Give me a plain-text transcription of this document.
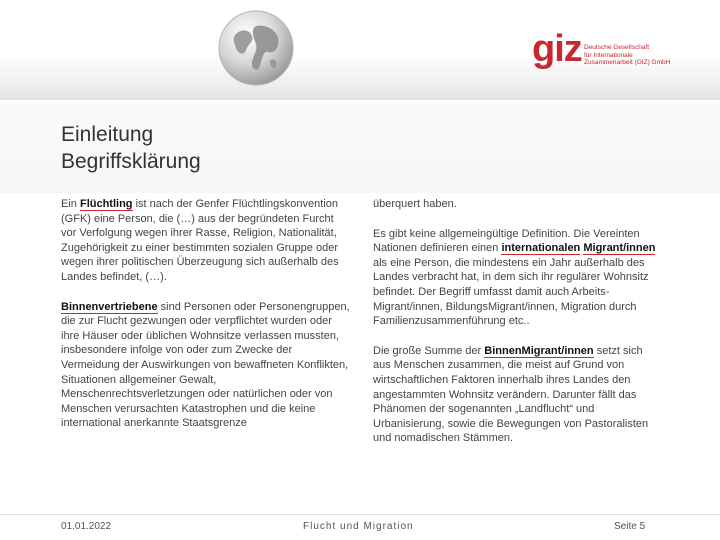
giz Deutsche Gesellschaft
für Internationale
Zusammenarbeit (GIZ) GmbH
Einleitung
Begriffsklärung

Ein Flüchtling ist nach der Genfer Flüchtlingskonvention (GFK) eine Person, die (…) aus der begründeten Furcht vor Verfolgung wegen ihrer Rasse, Religion, Nationalität, Zugehörigkeit zu einer bestimmten sozialen Gruppe oder wegen ihrer politischen Überzeugung sich außerhalb des Landes befindet, (…).

Binnenvertriebene sind Personen oder Personengruppen, die zur Flucht gezwungen oder verpflichtet wurden oder ihre Häuser oder üblichen Wohnsitze verlassen mussten, insbesondere infolge von oder zum Zwecke der Vermeidung der Auswirkungen von bewaffneten Konflikten, Situationen allgemeiner Gewalt, Menschenrechtsverletzungen oder natürlichen oder von Menschen verursachten Katastrophen und die keine international anerkannte Staatsgrenze

überquert haben.

Es gibt keine allgemeingültige Definition. Die Vereinten Nationen definieren einen internationalen Migrant/innen als eine Person, die mindestens ein Jahr außerhalb des Landes verbracht hat, in dem sich ihr regulärer Wohnsitz befindet. Der Begriff umfasst damit auch ArbeitsMigrant/innen, BildungsMigrant/innen, Migration durch Familienzusammenführung etc..

Die große Summe der BinnenMigrant/innen setzt sich aus Menschen zusammen, die meist auf Grund von wirtschaftlichen Faktoren innerhalb ihres Landes den angestammten Wohnsitz verändern. Darunter fällt das Phänomen der sogenannten „Landflucht“ und Urbanisierung, sowie die Bewegungen von Pastoralisten und nomadischen Stämmen.

01.01.2022	Flucht und Migration	Seite 5
